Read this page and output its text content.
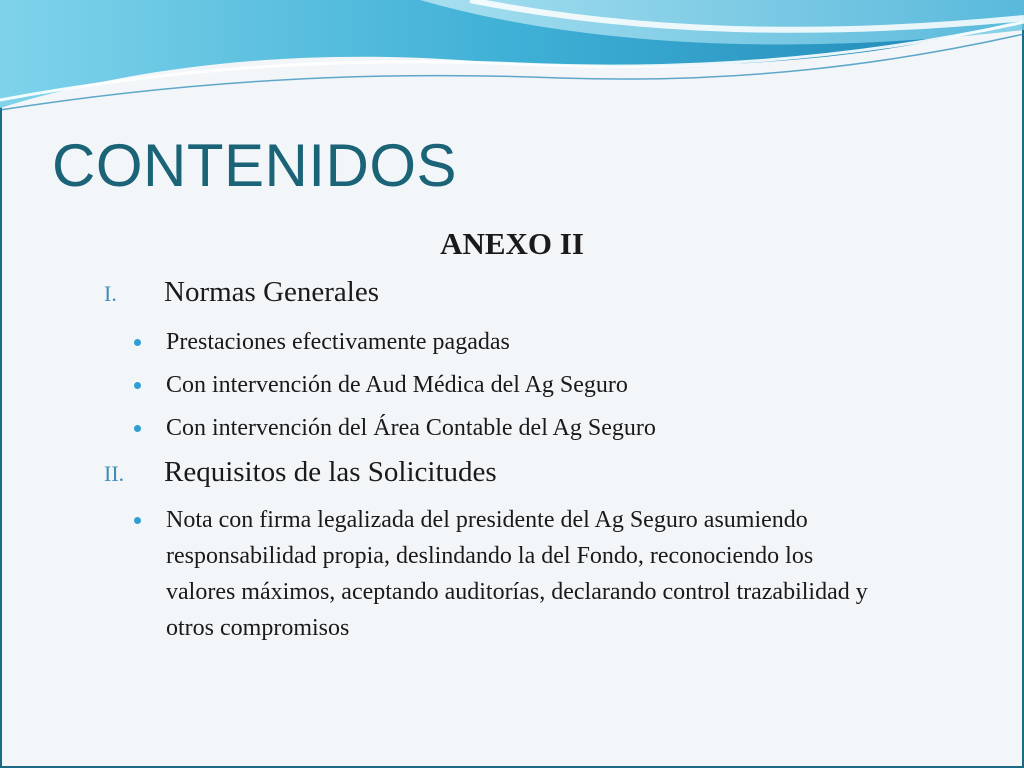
CONTENIDOS
ANEXO II
I.	Normas Generales
Prestaciones efectivamente pagadas
Con intervención de Aud Médica del Ag Seguro
Con intervención del Área Contable del Ag Seguro
II.	Requisitos de las Solicitudes
Nota con firma legalizada del presidente del Ag Seguro asumiendo responsabilidad propia, deslindando la del Fondo, reconociendo los valores máximos, aceptando auditorías, declarando control trazabilidad y otros compromisos
